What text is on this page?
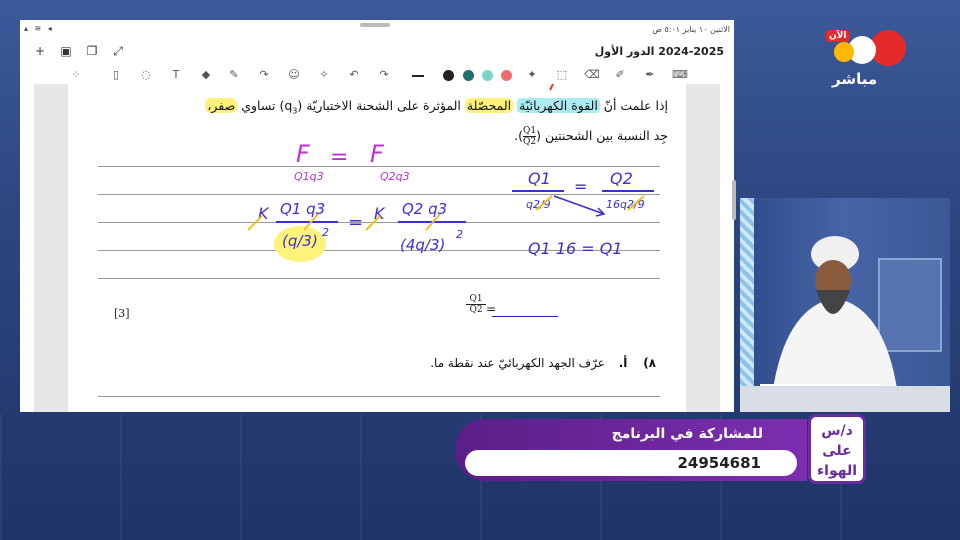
▴ ≋ ◂	الاثنين ١٠ يناير ٥:٠١ ص
+ ▣ ❐ ⤢	2024-2025 الدور الأول
⁘	▯	◌	T	◆	✎	↷	☺	✧	↶	↷	✦	⬚ ⌫	✐	✒	⌨
إذا علمت أنّ القوة الكهربائيّة المحصّلة المؤثرة على الشحنة الاختباريّة $(q_3)$ تساوي صفر،
جِد النسبة بين الشحنتين (
$\frac{Q1}{Q2}$
).
F
Q1q3
= F
Q2q3
K Q1 q3
(q/3) 2 = K Q2 q3
(4q/3)
2
Q1
q2/9
= Q2
16q2/9
Q1 16 = Q1
[3]	$\frac{Q1}{Q2}$ =
٨) أ. عرّف الجهد الكهربائيّ عند نقطة ما.
الآن
مباشر
للمشاركة في البرنامج
24954681
د/س
على
الهواء
